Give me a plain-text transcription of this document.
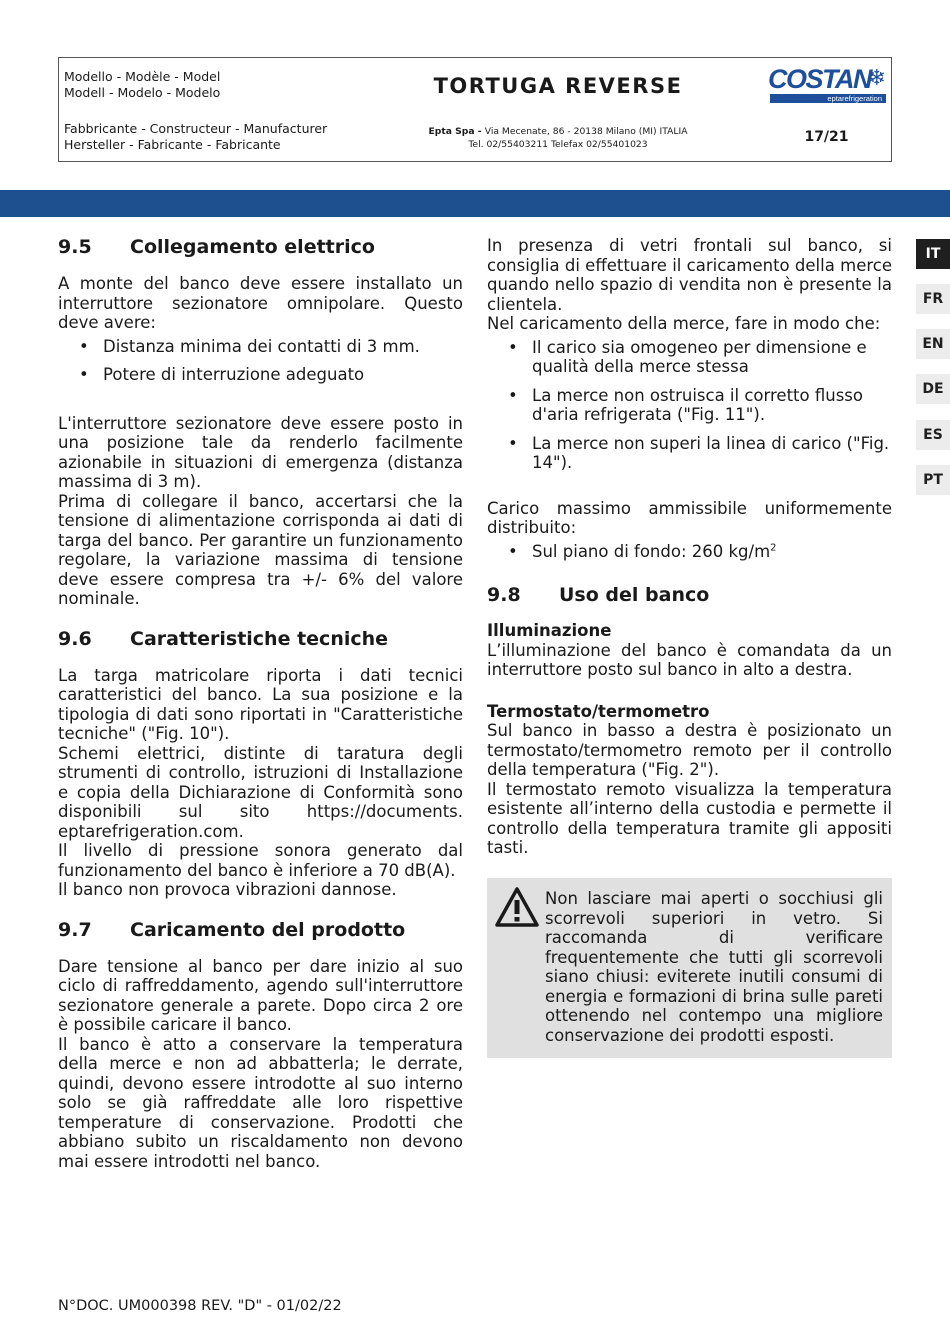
Modello - Modèle - Model
Modell - Modelo - Modelo	TORTUGA REVERSE	COSTAN
❄
eptarefrigeration
Fabbricante - Constructeur - Manufacturer
Hersteller - Fabricante - Fabricante
Epta Spa - Via Mecenate, 86 - 20138 Milano (MI) ITALIA
Tel. 02/55403211 Telefax 02/55401023	17/21
IT
FR
EN
DE
ES
PT
9.5	Collegamento elettrico

A monte del banco deve essere installato un interruttore sezionatore omnipolare. Questo deve avere:

• Distanza minima dei contatti di 3 mm.
• Potere di interruzione adeguato

L'interruttore sezionatore deve essere posto in una posizione tale da renderlo facilmente azionabile in situazioni di emergenza (distanza massima di 3 m).

Prima di collegare il banco, accertarsi che la tensione di alimentazione corrisponda ai dati di targa del banco. Per garantire un funzionamento regolare, la variazione massima di tensione deve essere compresa tra +/- 6% del valore nominale.

9.6	Caratteristiche tecniche

La targa matricolare riporta i dati tecnici caratteristici del banco. La sua posizione e la tipologia di dati sono riportati in "Caratteristiche tecniche" ("Fig. 10").

Schemi elettrici, distinte di taratura degli strumenti di controllo, istruzioni di Installazione e copia della Dichiarazione di Conformità sono disponibili sul sito https://documents. eptarefrigeration.com.

Il livello di pressione sonora generato dal funzionamento del banco è inferiore a 70 dB(A).

Il banco non provoca vibrazioni dannose.

9.7	Caricamento del prodotto

Dare tensione al banco per dare inizio al suo ciclo di raffreddamento, agendo sull'interruttore sezionatore generale a parete. Dopo circa 2 ore è possibile caricare il banco.

Il banco è atto a conservare la temperatura della merce e non ad abbatterla; le derrate, quindi, devono essere introdotte al suo interno solo se già raffreddate alle loro rispettive temperature di conservazione. Prodotti che abbiano subito un riscaldamento non devono mai essere introdotti nel banco.

In presenza di vetri frontali sul banco, si consiglia di effettuare il caricamento della merce quando nello spazio di vendita non è presente la clientela.

Nel caricamento della merce, fare in modo che:

• Il carico sia omogeneo per dimensione e qualità della merce stessa
• La merce non ostruisca il corretto flusso d'aria refrigerata ("Fig. 11").
• La merce non superi la linea di carico ("Fig. 14").

Carico massimo ammissibile uniformemente distribuito:

• Sul piano di fondo: 260 $kg/m^2$
9.8	Uso del banco
Illuminazione

L’illuminazione del banco è comandata da un interruttore posto sul banco in alto a destra.

Termostato/termometro

Sul banco in basso a destra è posizionato un termostato/termometro remoto per il controllo della temperatura ("Fig. 2").

Il termostato remoto visualizza la temperatura esistente all’interno della custodia e permette il controllo della temperatura tramite gli appositi tasti.

Non lasciare mai aperti o socchiusi gli scorrevoli superiori in vetro. Si raccomanda di verificare frequentemente che tutti gli scorrevoli siano chiusi: eviterete inutili consumi di energia e formazioni di brina sulle pareti ottenendo nel contempo una migliore conservazione dei prodotti esposti.
N°DOC. UM000398 REV. "D" - 01/02/22
